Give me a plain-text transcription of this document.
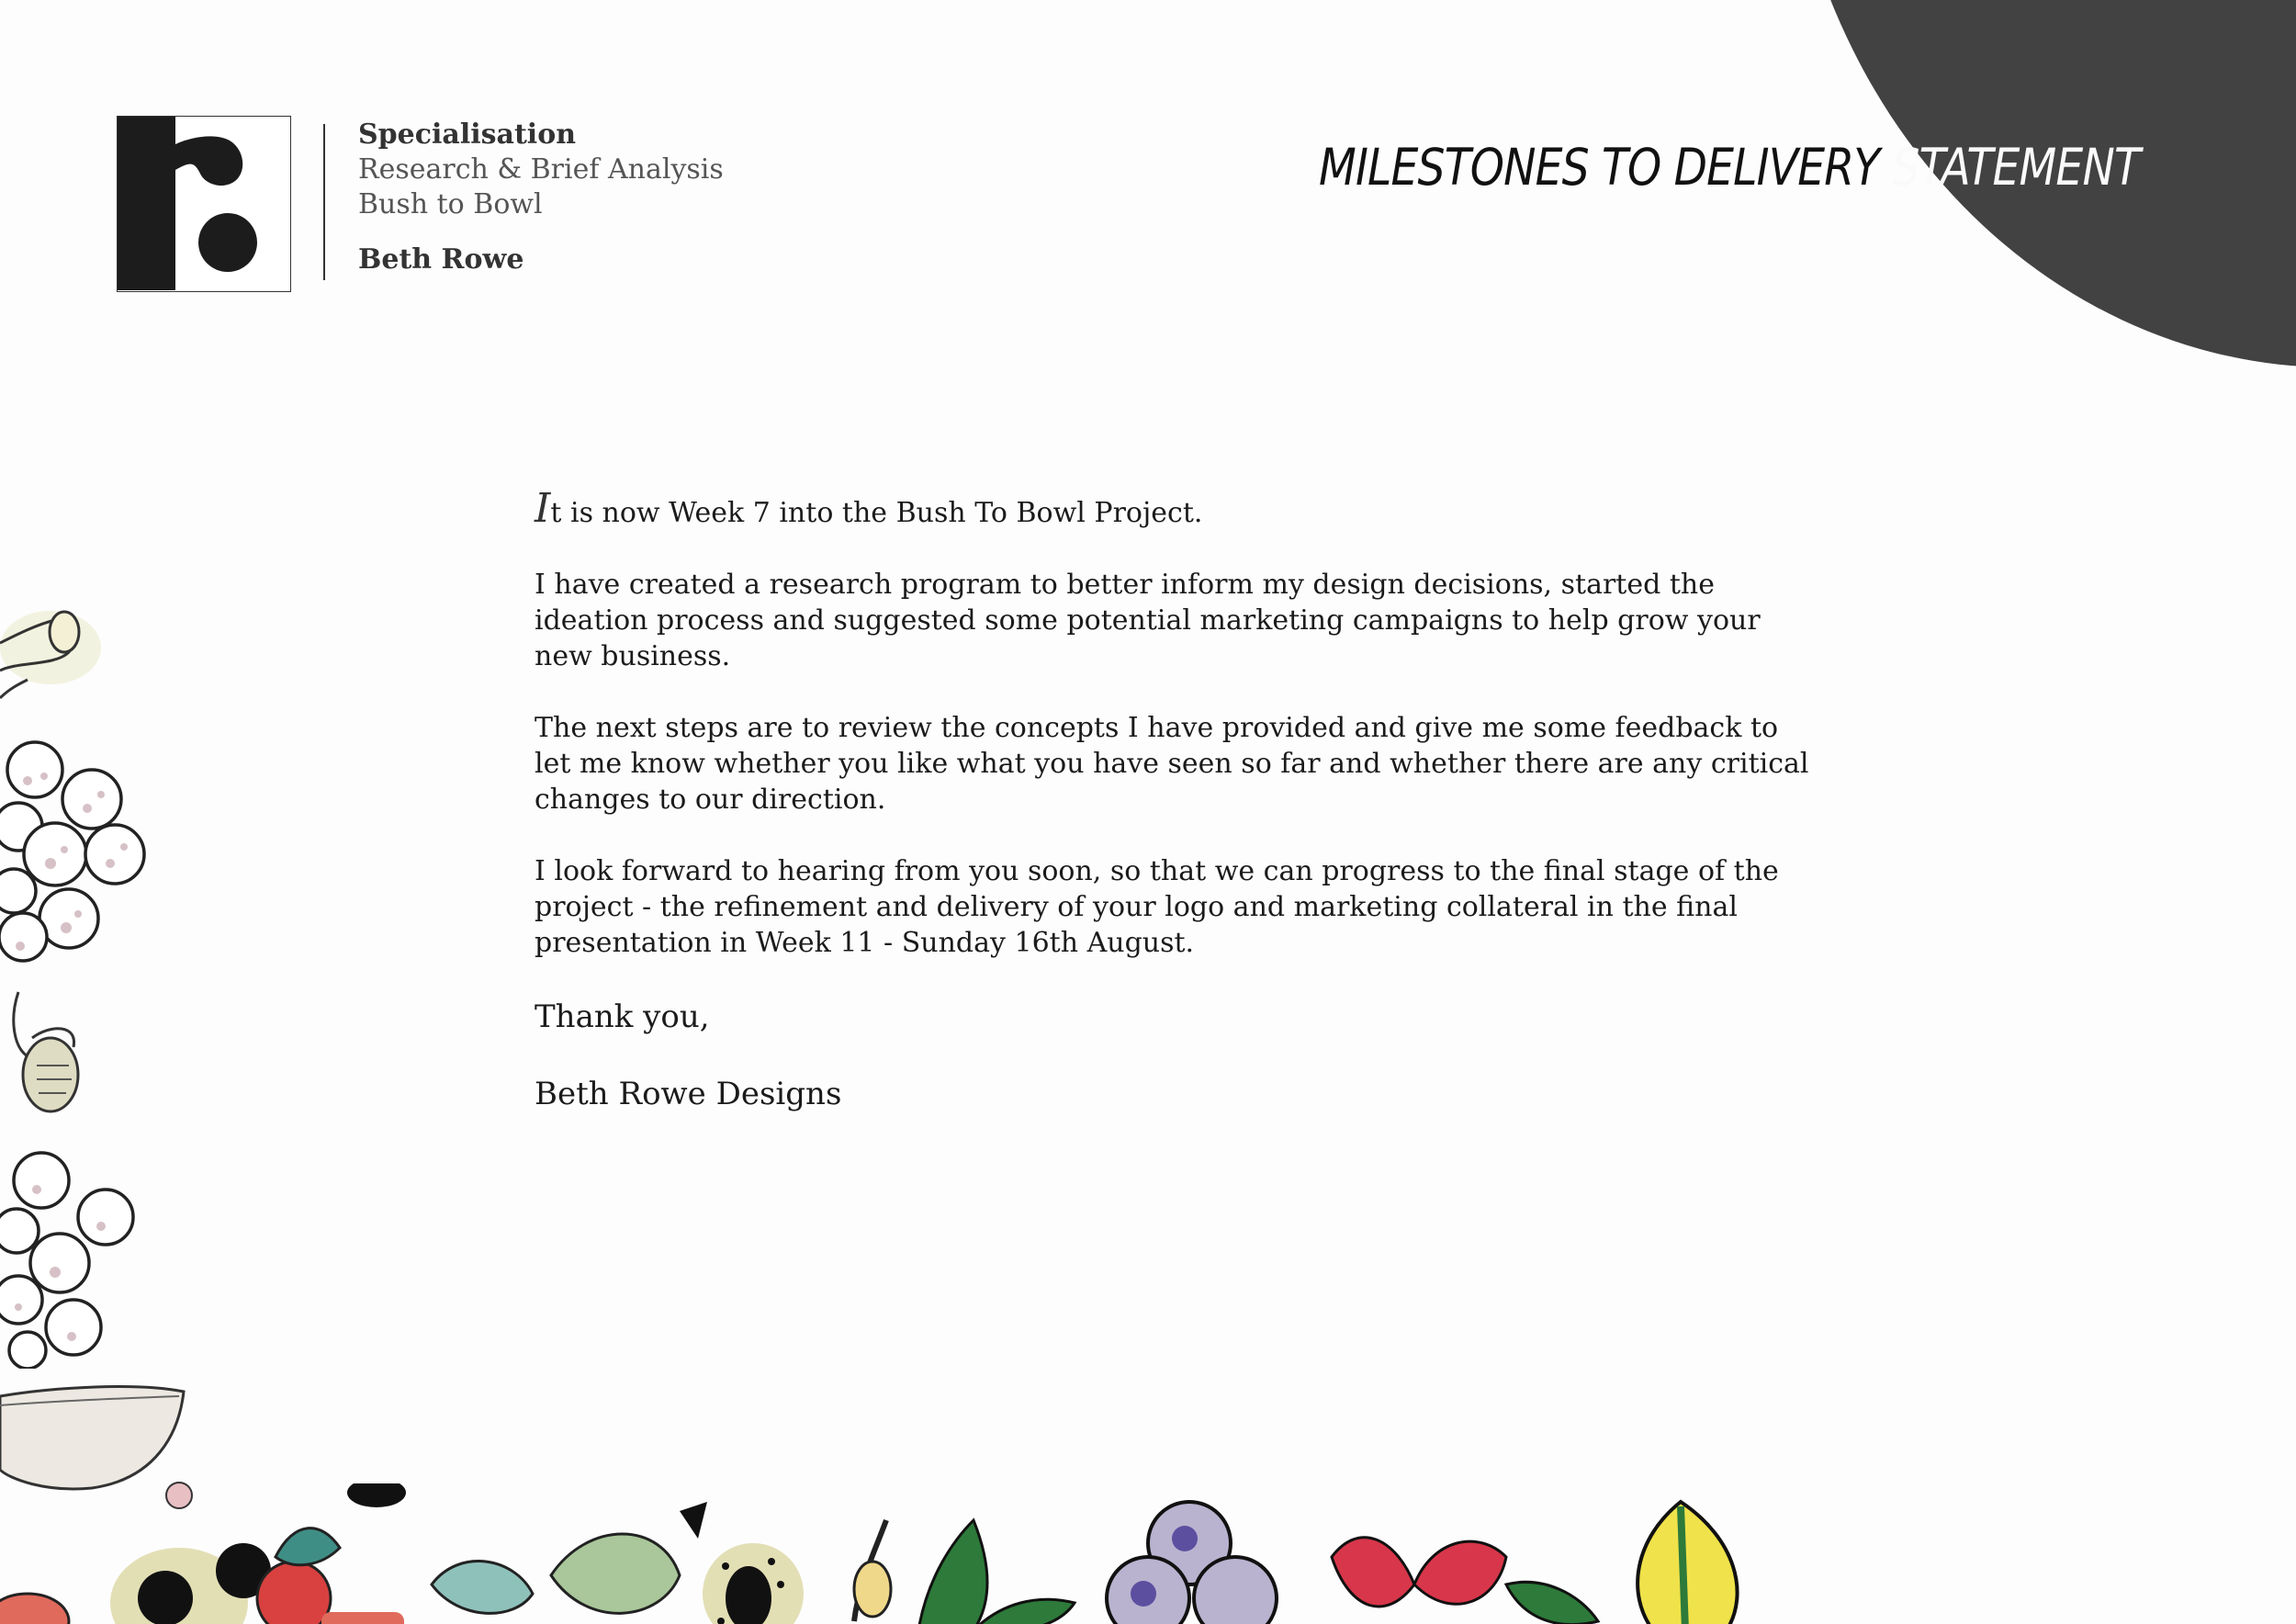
Specialisation
Research & Brief Analysis
Bush to Bowl
Beth Rowe
MILESTONES TO DELIVERY STATEMENT

It is now Week 7 into the Bush To Bowl Project.

I have created a research program to better inform my design decisions, started the ideation process and suggested some potential marketing campaigns to help grow your new business.

The next steps are to review the concepts I have provided and give me some feedback to let me know whether you like what you have seen so far and whether there are any critical changes to our direction.

I look forward to hearing from you soon, so that we can progress to the final stage of the project - the refinement and delivery of your logo and marketing collateral in the final presentation in Week 11 - Sunday 16th August.

Thank you,

Beth Rowe Designs
